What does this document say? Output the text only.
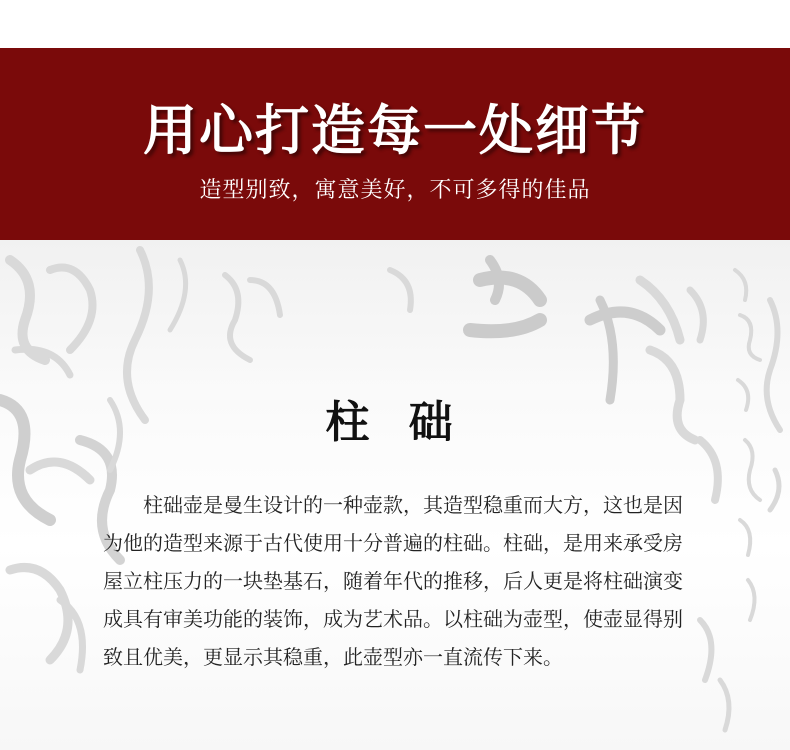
用心打造每一处细节
造型别致，寓意美好，不可多得的佳品
柱 础

柱础壶是曼生设计的一种壶款，其造型稳重而大方，这也是因为他的造型来源于古代使用十分普遍的柱础。柱础，是用来承受房屋立柱压力的一块垫基石，随着年代的推移，后人更是将柱础演变成具有审美功能的装饰，成为艺术品。以柱础为壶型，使壶显得别致且优美，更显示其稳重，此壶型亦一直流传下来。
